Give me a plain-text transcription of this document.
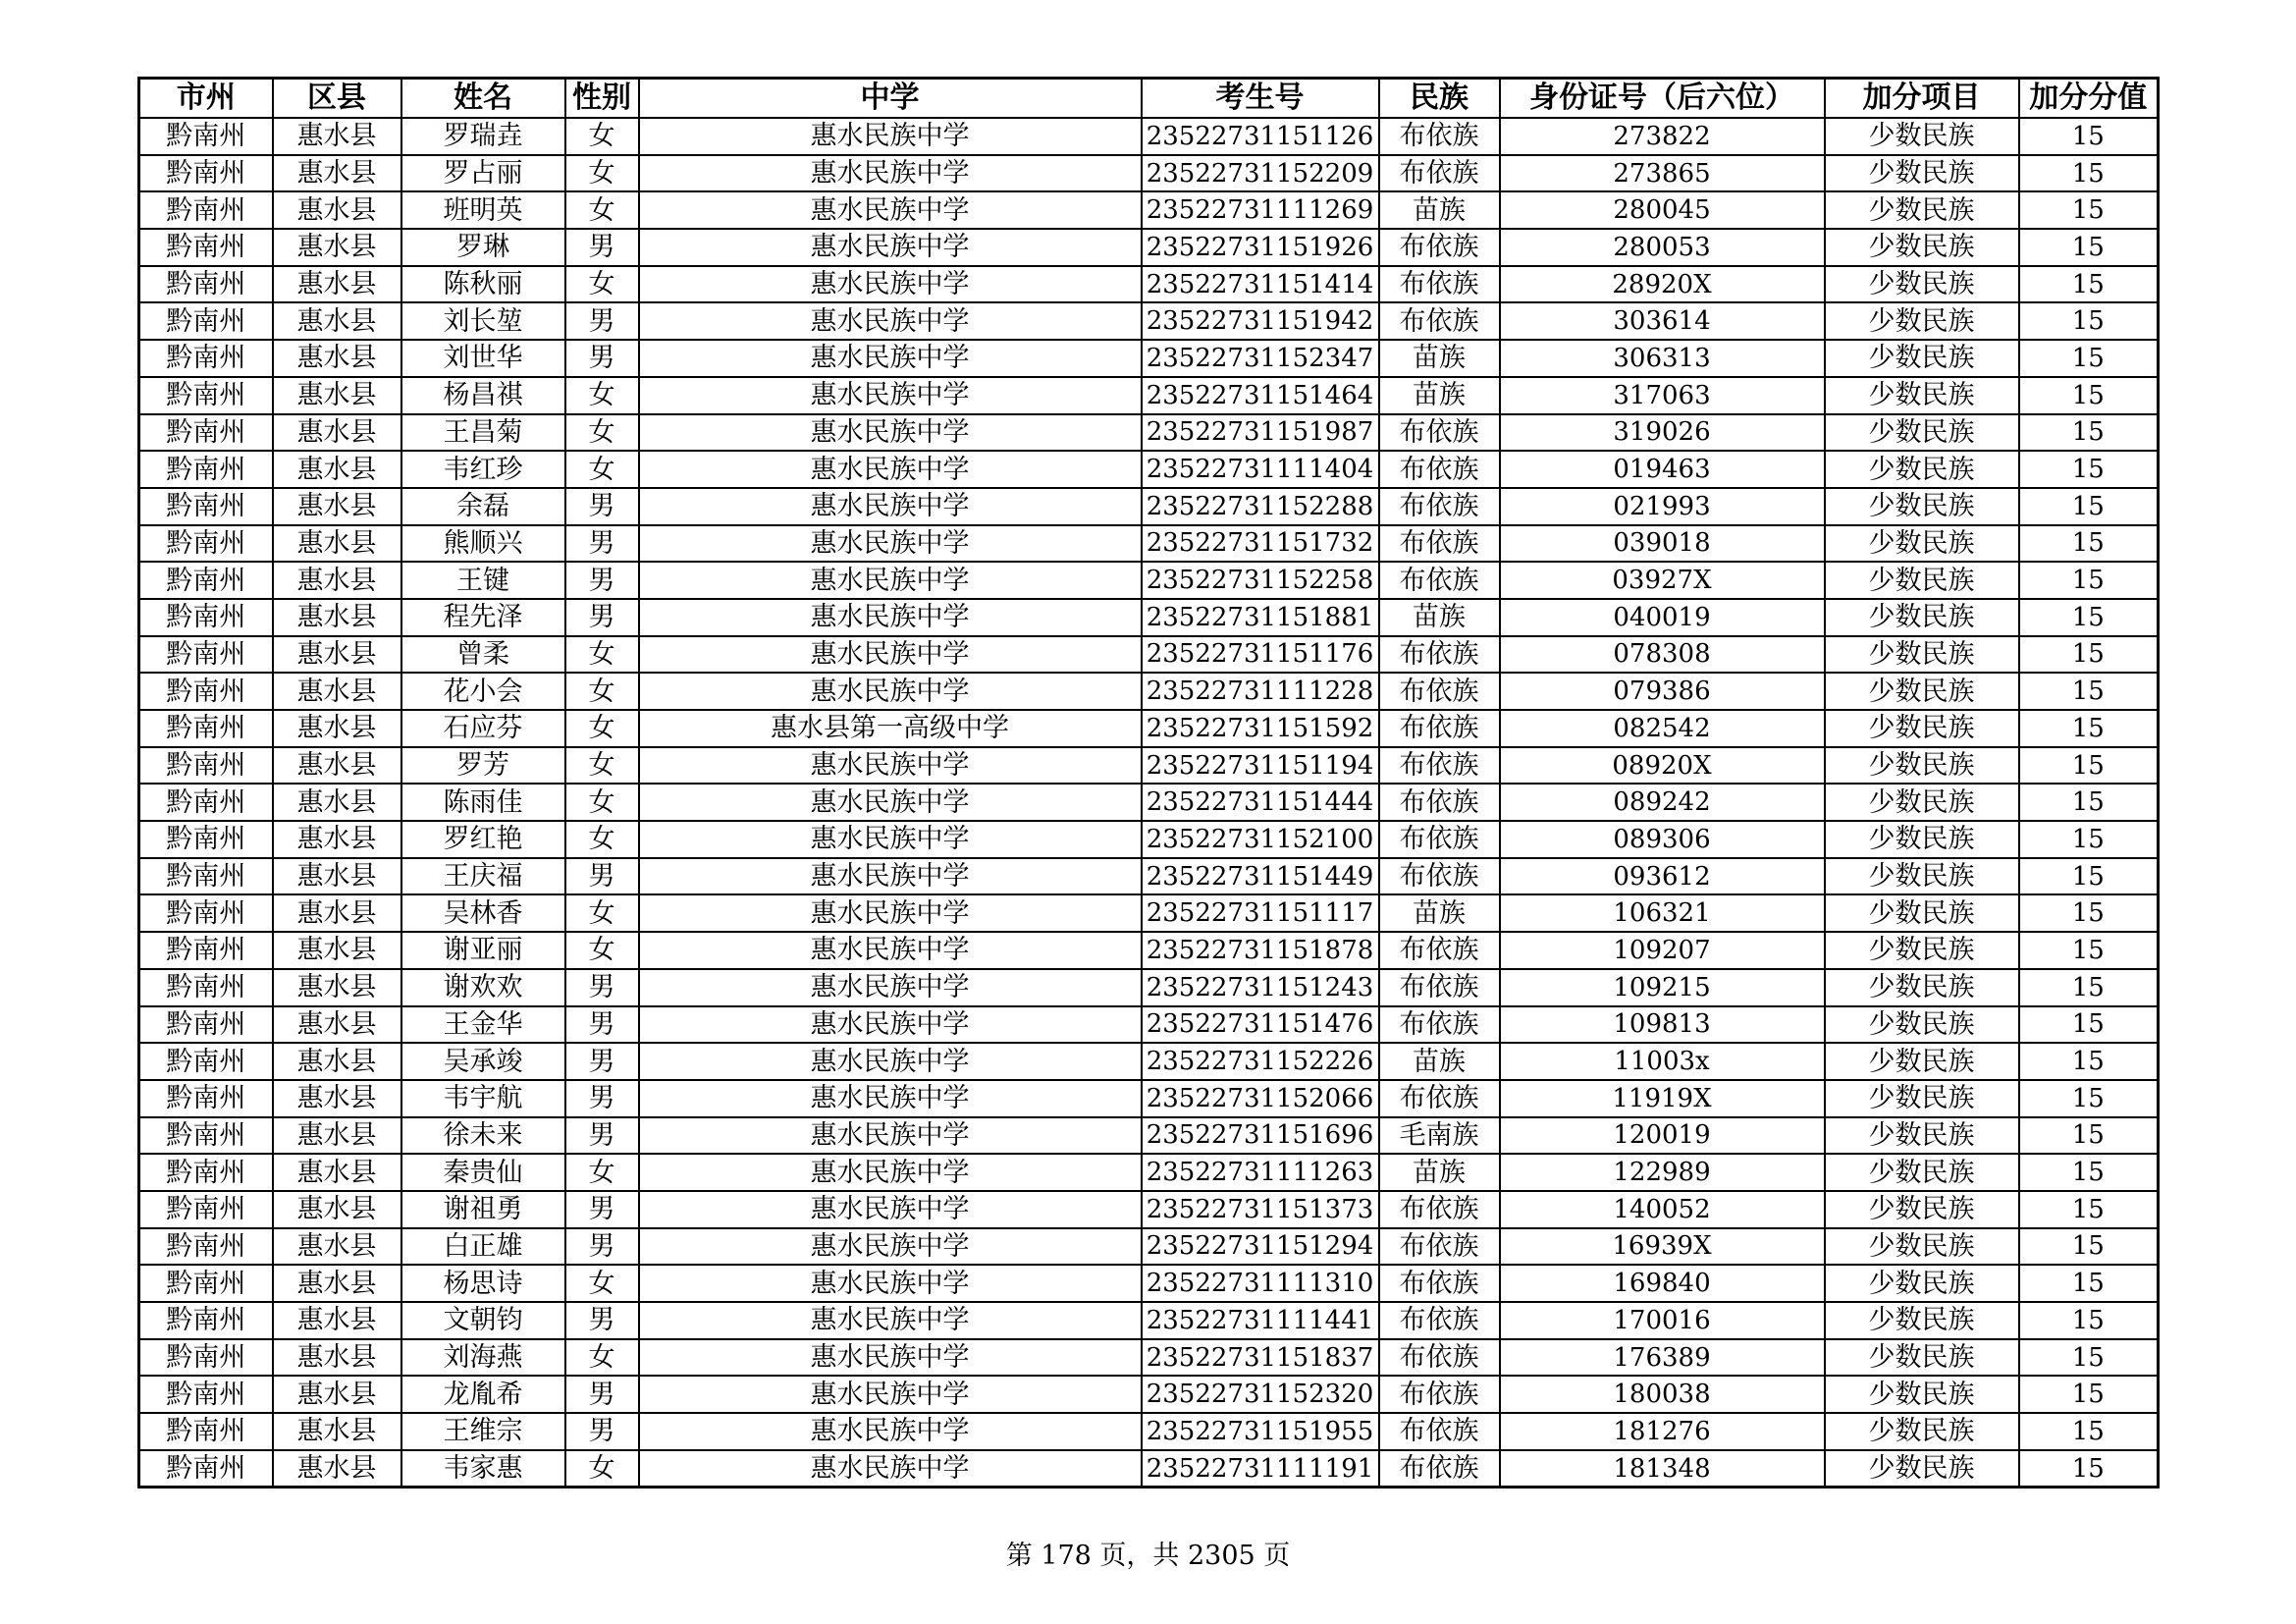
市州	区县	姓名	性别	中学	考生号	民族	身份证号（后六位）	加分项目	加分分值
黔南州	惠水县	罗瑞垚	女	惠水民族中学	23522731151126	布依族	273822	少数民族	15
黔南州	惠水县	罗占丽	女	惠水民族中学	23522731152209	布依族	273865	少数民族	15
黔南州	惠水县	班明英	女	惠水民族中学	23522731111269	苗族	280045	少数民族	15
黔南州	惠水县	罗琳	男	惠水民族中学	23522731151926	布依族	280053	少数民族	15
黔南州	惠水县	陈秋丽	女	惠水民族中学	23522731151414	布依族	28920X	少数民族	15
黔南州	惠水县	刘长堃	男	惠水民族中学	23522731151942	布依族	303614	少数民族	15
黔南州	惠水县	刘世华	男	惠水民族中学	23522731152347	苗族	306313	少数民族	15
黔南州	惠水县	杨昌祺	女	惠水民族中学	23522731151464	苗族	317063	少数民族	15
黔南州	惠水县	王昌菊	女	惠水民族中学	23522731151987	布依族	319026	少数民族	15
黔南州	惠水县	韦红珍	女	惠水民族中学	23522731111404	布依族	019463	少数民族	15
黔南州	惠水县	余磊	男	惠水民族中学	23522731152288	布依族	021993	少数民族	15
黔南州	惠水县	熊顺兴	男	惠水民族中学	23522731151732	布依族	039018	少数民族	15
黔南州	惠水县	王键	男	惠水民族中学	23522731152258	布依族	03927X	少数民族	15
黔南州	惠水县	程先泽	男	惠水民族中学	23522731151881	苗族	040019	少数民族	15
黔南州	惠水县	曾柔	女	惠水民族中学	23522731151176	布依族	078308	少数民族	15
黔南州	惠水县	花小会	女	惠水民族中学	23522731111228	布依族	079386	少数民族	15
黔南州	惠水县	石应芬	女	惠水县第一高级中学	23522731151592	布依族	082542	少数民族	15
黔南州	惠水县	罗芳	女	惠水民族中学	23522731151194	布依族	08920X	少数民族	15
黔南州	惠水县	陈雨佳	女	惠水民族中学	23522731151444	布依族	089242	少数民族	15
黔南州	惠水县	罗红艳	女	惠水民族中学	23522731152100	布依族	089306	少数民族	15
黔南州	惠水县	王庆福	男	惠水民族中学	23522731151449	布依族	093612	少数民族	15
黔南州	惠水县	吴林香	女	惠水民族中学	23522731151117	苗族	106321	少数民族	15
黔南州	惠水县	谢亚丽	女	惠水民族中学	23522731151878	布依族	109207	少数民族	15
黔南州	惠水县	谢欢欢	男	惠水民族中学	23522731151243	布依族	109215	少数民族	15
黔南州	惠水县	王金华	男	惠水民族中学	23522731151476	布依族	109813	少数民族	15
黔南州	惠水县	吴承竣	男	惠水民族中学	23522731152226	苗族	11003x	少数民族	15
黔南州	惠水县	韦宇航	男	惠水民族中学	23522731152066	布依族	11919X	少数民族	15
黔南州	惠水县	徐未来	男	惠水民族中学	23522731151696	毛南族	120019	少数民族	15
黔南州	惠水县	秦贵仙	女	惠水民族中学	23522731111263	苗族	122989	少数民族	15
黔南州	惠水县	谢祖勇	男	惠水民族中学	23522731151373	布依族	140052	少数民族	15
黔南州	惠水县	白正雄	男	惠水民族中学	23522731151294	布依族	16939X	少数民族	15
黔南州	惠水县	杨思诗	女	惠水民族中学	23522731111310	布依族	169840	少数民族	15
黔南州	惠水县	文朝钧	男	惠水民族中学	23522731111441	布依族	170016	少数民族	15
黔南州	惠水县	刘海燕	女	惠水民族中学	23522731151837	布依族	176389	少数民族	15
黔南州	惠水县	龙胤希	男	惠水民族中学	23522731152320	布依族	180038	少数民族	15
黔南州	惠水县	王维宗	男	惠水民族中学	23522731151955	布依族	181276	少数民族	15
黔南州	惠水县	韦家惠	女	惠水民族中学	23522731111191	布依族	181348	少数民族	15
第 178 页，共 2305 页
